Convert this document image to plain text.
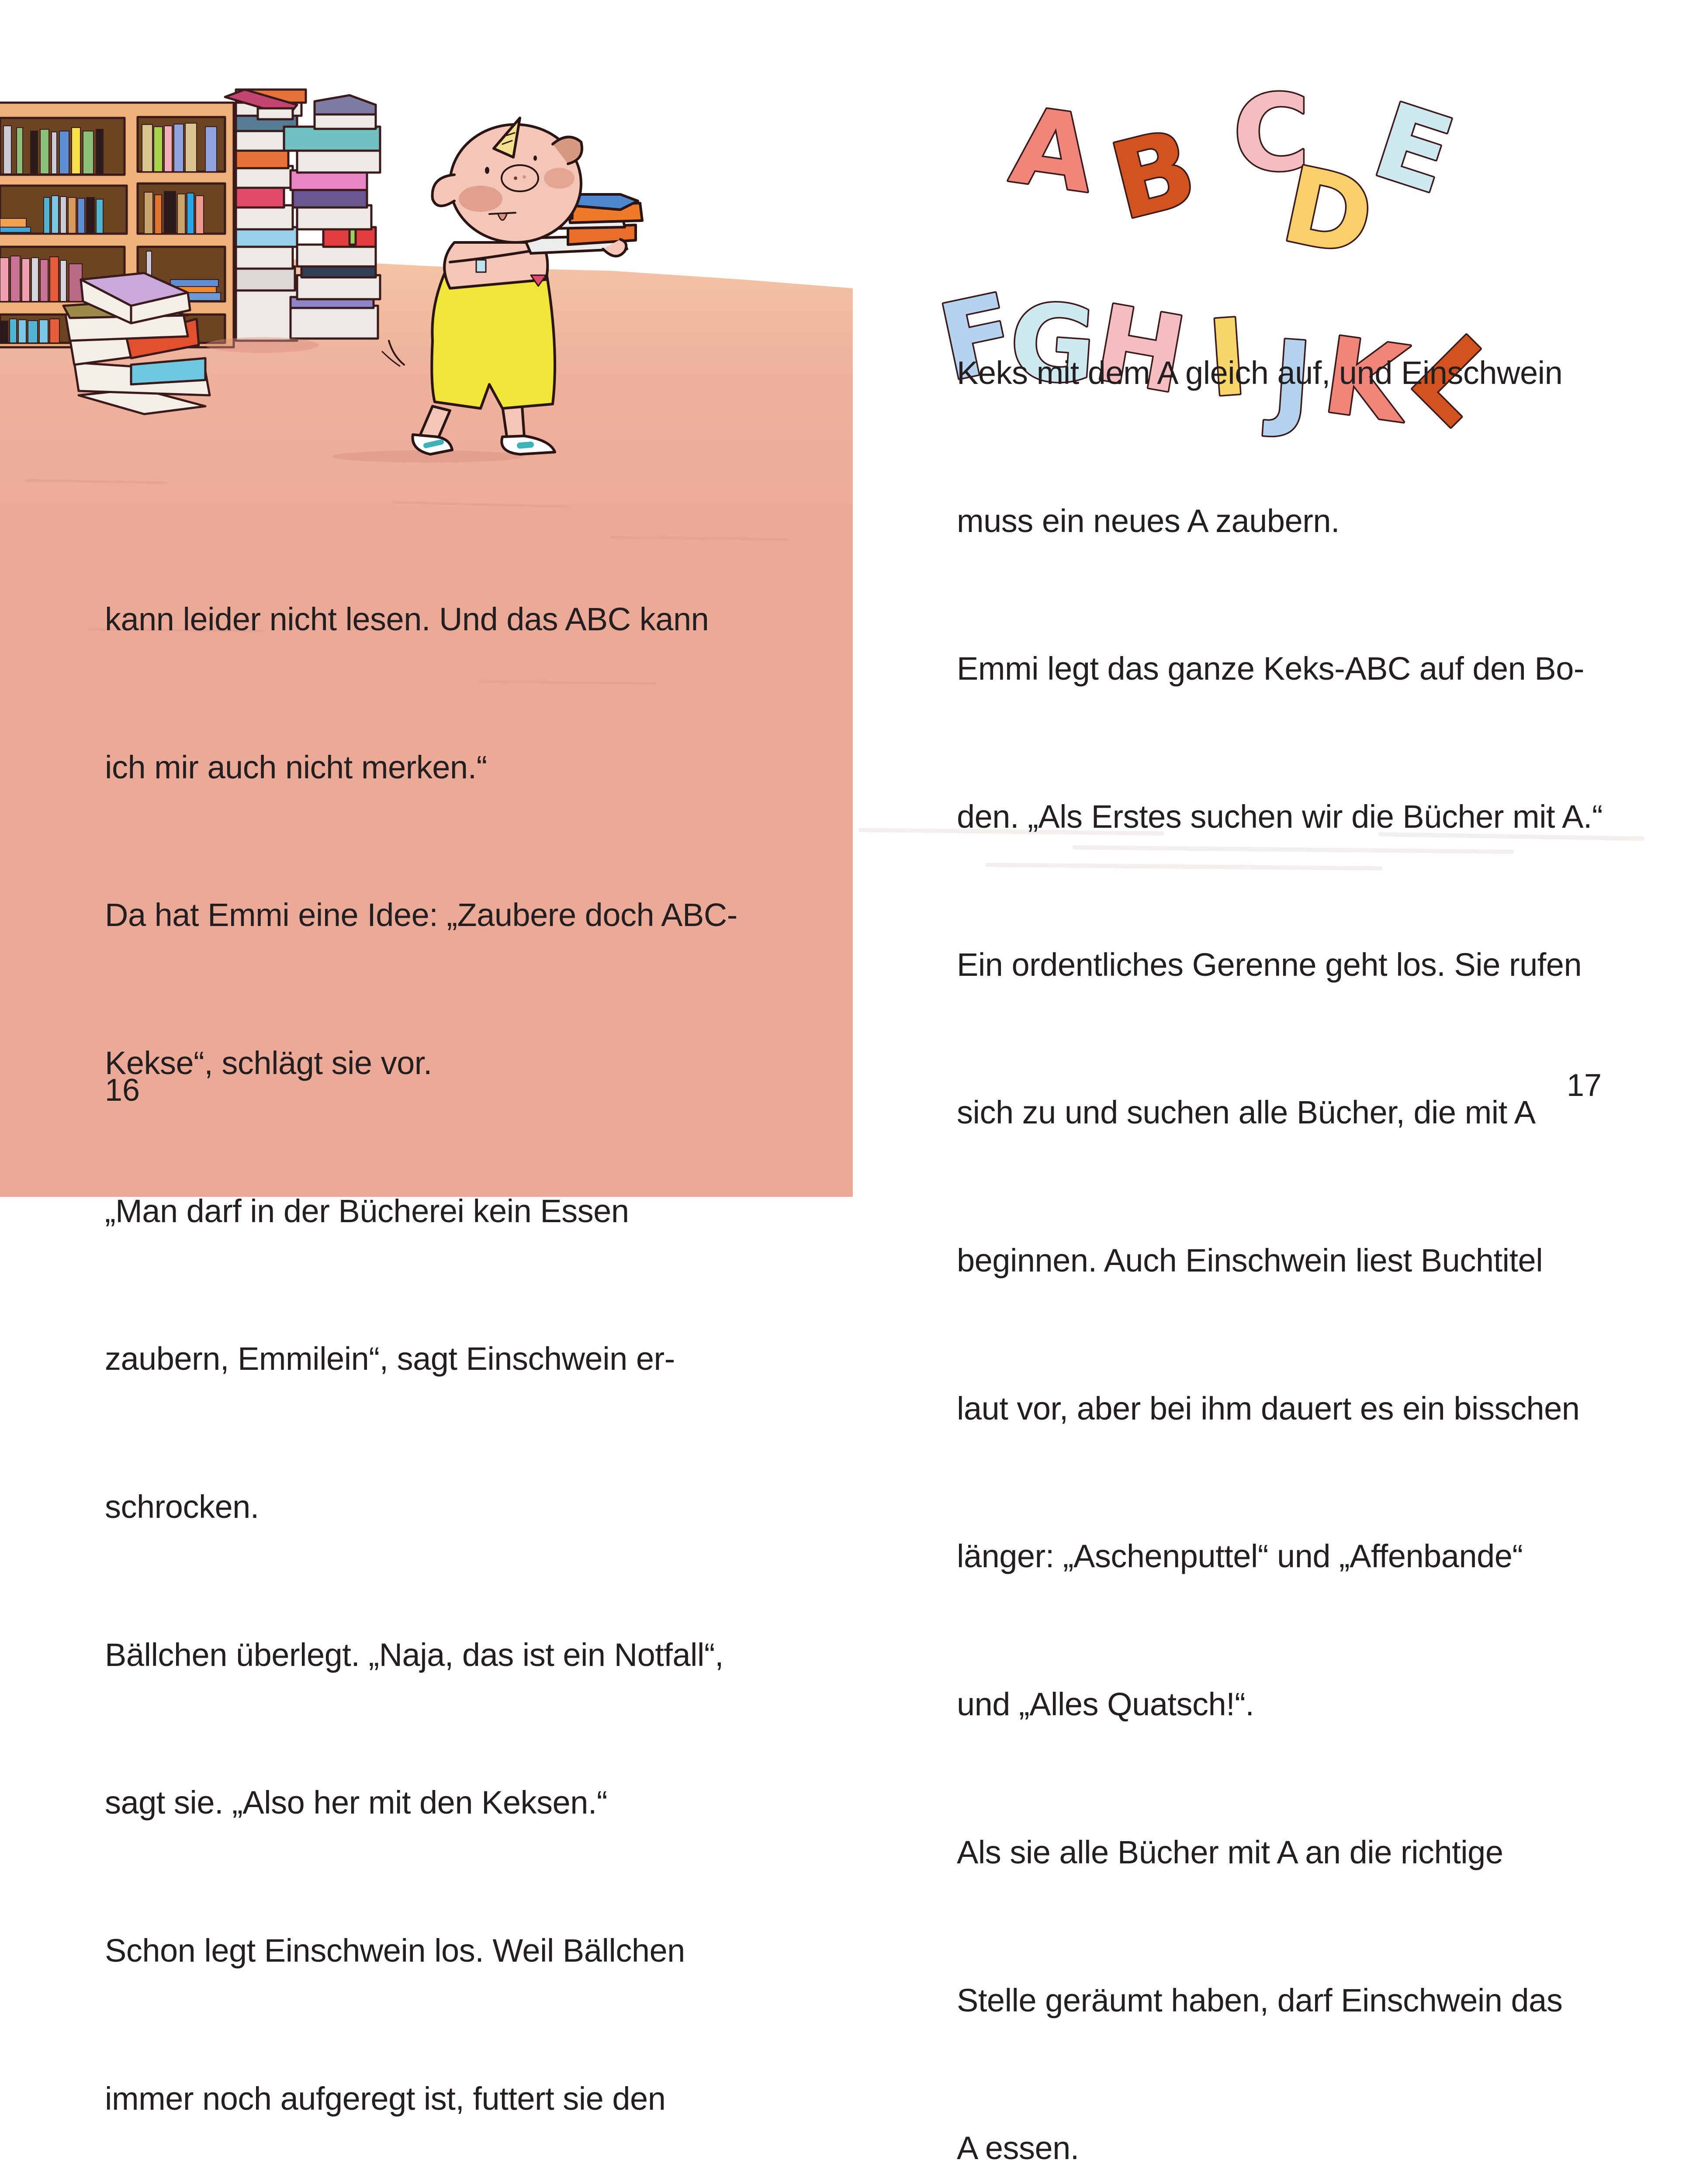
kann leider nicht lesen. Und das ABC kann

ich mir auch nicht merken.“

Da hat Emmi eine Idee: „Zaubere doch ABC-

Kekse“, schlägt sie vor.

„Man darf in der Bücherei kein Essen

zaubern, Emmilein“, sagt Einschwein er-

schrocken.

Bällchen überlegt. „Naja, das ist ein Notfall“,

sagt sie. „Also her mit den Keksen.“

Schon legt Einschwein los. Weil Bällchen

immer noch aufgeregt ist, futtert sie den

16
A
B C
D
E
F
G
H I J K
L

Keks mit dem A gleich auf, und Einschwein

muss ein neues A zaubern.

Emmi legt das ganze Keks-ABC auf den Bo-

den. „Als Erstes suchen wir die Bücher mit A.“

Ein ordentliches Gerenne geht los. Sie rufen

sich zu und suchen alle Bücher, die mit A

beginnen. Auch Einschwein liest Buchtitel

laut vor, aber bei ihm dauert es ein bisschen

länger: „Aschenputtel“ und „Affenbande“

und „Alles Quatsch!“.

Als sie alle Bücher mit A an die richtige

Stelle geräumt haben, darf Einschwein das

A essen.

17
